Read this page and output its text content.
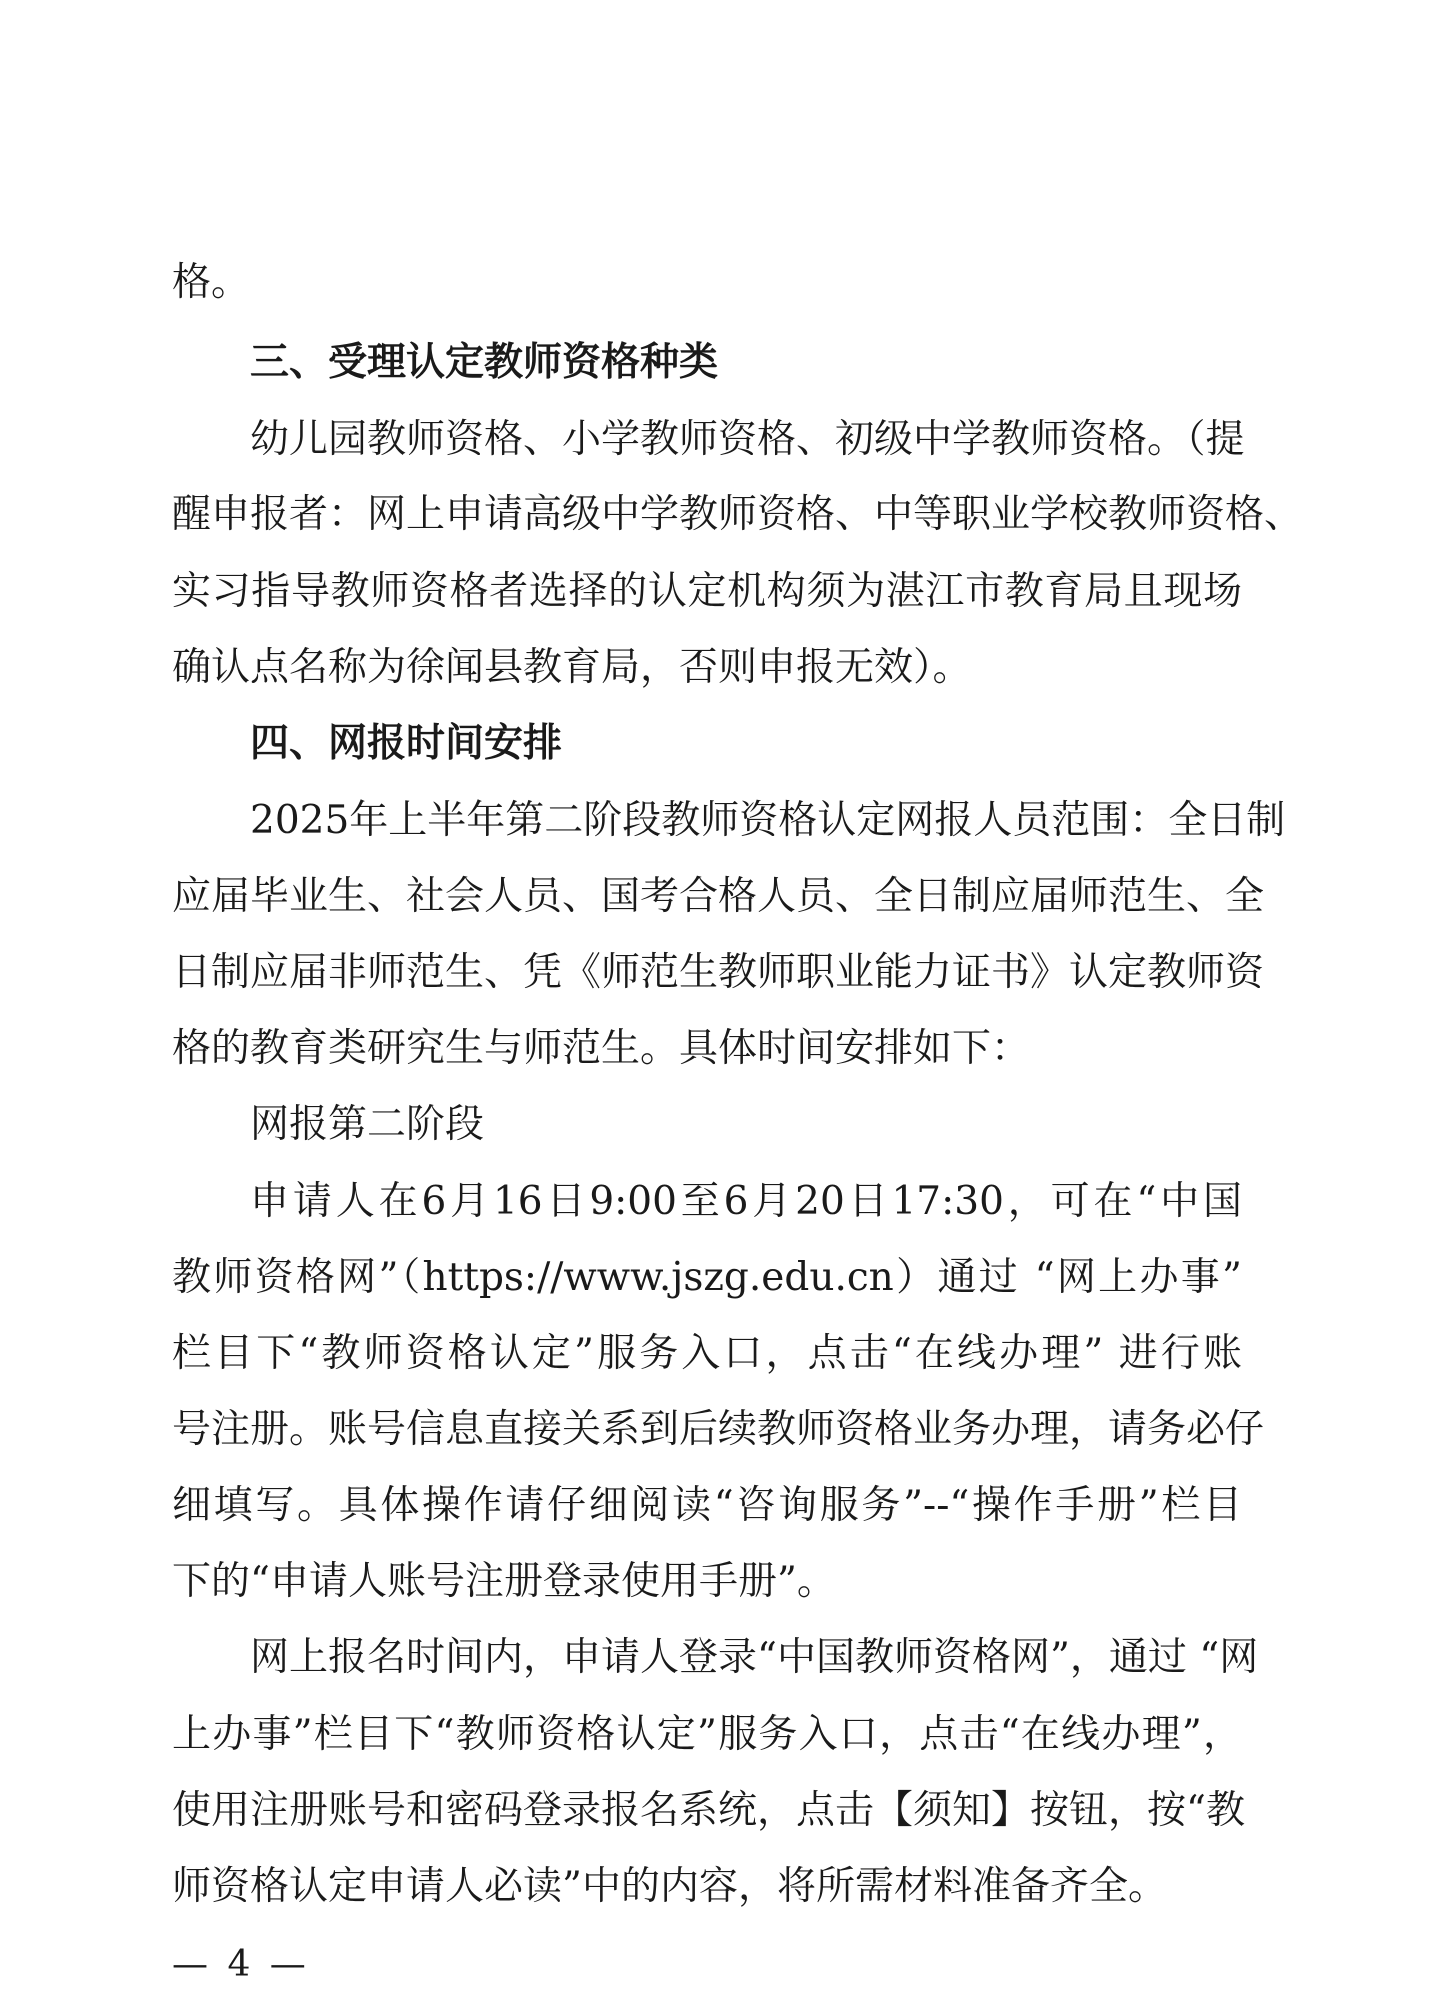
格。
三、受理认定教师资格种类
幼儿园教师资格、小学教师资格、初级中学教师资格。（提
醒申报者：网上申请高级中学教师资格、中等职业学校教师资格、
实习指导教师资格者选择的认定机构须为湛江市教育局且现场
确认点名称为徐闻县教育局，否则申报无效）。
四、网报时间安排
2025年上半年第二阶段教师资格认定网报人员范围：全日制
应届毕业生、社会人员、国考合格人员、全日制应届师范生、全
日制应届非师范生、凭《师范生教师职业能力证书》认定教师资
格的教育类研究生与师范生。具体时间安排如下：
网报第二阶段
申请人在6月16日9:00至6月20日17:30，可在“中国
教师资格网”（https://www.jszg.edu.cn）通过 “网上办事”
栏目下“教师资格认定”服务入口，点击“在线办理” 进行账
号注册。账号信息直接关系到后续教师资格业务办理，请务必仔
细填写。具体操作请仔细阅读“咨询服务”--“操作手册”栏目
下的“申请人账号注册登录使用手册”。
网上报名时间内，申请人登录“中国教师资格网”，通过 “网
上办事”栏目下“教师资格认定”服务入口，点击“在线办理”，
使用注册账号和密码登录报名系统，点击【须知】按钮，按“教
师资格认定申请人必读”中的内容，将所需材料准备齐全。
— 4 —
